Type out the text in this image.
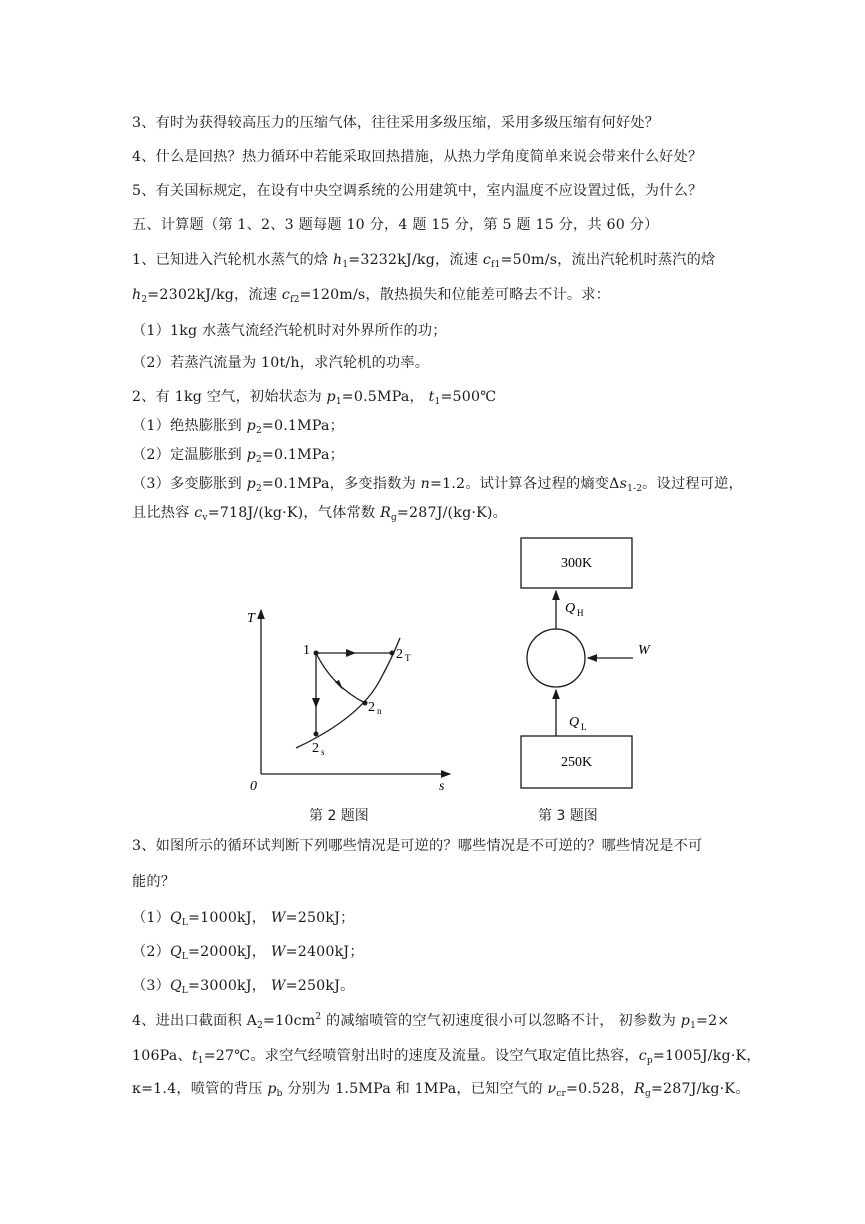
3、有时为获得较高压力的压缩气体，往往采用多级压缩，采用多级压缩有何好处？
4、什么是回热？热力循环中若能采取回热措施，从热力学角度简单来说会带来什么好处？
5、有关国标规定，在设有中央空调系统的公用建筑中，室内温度不应设置过低，为什么？
五、计算题（第 1、2、3 题每题 10 分，4 题 15 分，第 5 题 15 分，共 60 分）
1、已知进入汽轮机水蒸气的焓 $h_1=3232kJ/kg$，流速 $c_{f1}=50m/s$，流出汽轮机时蒸汽的焓
$h_2=2302kJ/kg$，流速 $c_{f2}=120m/s$，散热损失和位能差可略去不计。求：
（1）1kg 水蒸气流经汽轮机时对外界所作的功；
（2）若蒸汽流量为 10t/h，求汽轮机的功率。
2、有 1kg 空气，初始状态为 $p_1=0.5MPa$， $t_1=500℃$
（1）绝热膨胀到 $p_2=0.1MPa$；
（2）定温膨胀到 $p_2=0.1MPa$；
（3）多变膨胀到 $p_2=0.1MPa$，多变指数为 n=1.2。试计算各过程的熵变$\Delta s_{1-2}$。设过程可逆，
且比热容 $c_v=718J/(kg\cdot K)$，气体常数 $R_g=287J/(kg\cdot K)$。
T
s
0
1	2 T
2 n
2 s
第 2 题图
300K
250K
Q H
Q L
W
第 3 题图
3、如图所示的循环试判断下列哪些情况是可逆的？哪些情况是不可逆的？哪些情况是不可
能的？
$(1)Q_L=1000kJ$， W=250kJ；
$(2)Q_L=2000kJ$， W=2400kJ；
$(3)Q_L=3000kJ$， W=250kJ。
4、进出口截面积 $A_2=10cm^2$ 的减缩喷管的空气初速度很小可以忽略不计， 初参数为 $p_1=2\times$
106Pa、$t_1=27℃$。求空气经喷管射出时的速度及流量。设空气取定值比热容，$c_p=1005J/kg\cdot K$，
κ=1.4，喷管的背压 $p_b$ 分别为 1.5MPa 和 1MPa，已知空气的 $\nu_{cr}=0.528$，$R_g=287J/kg\cdot K$。
